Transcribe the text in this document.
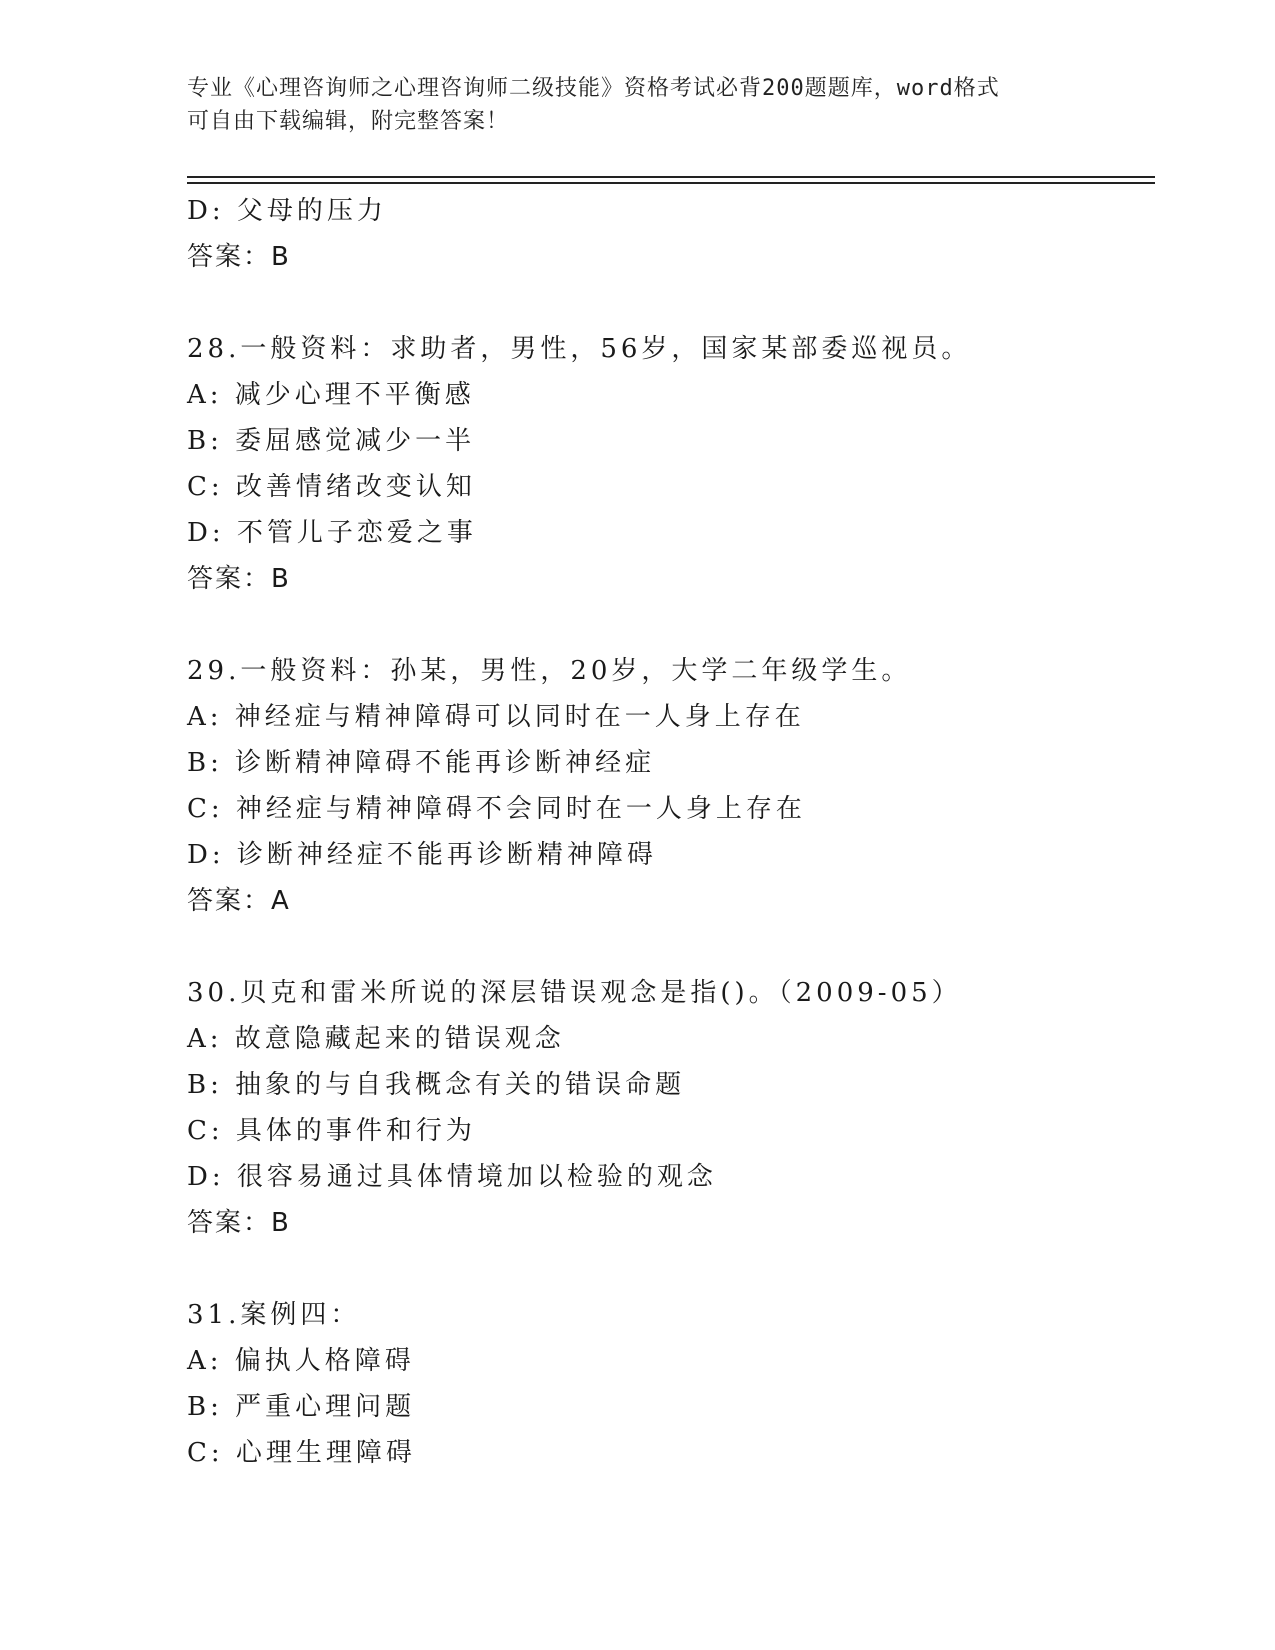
专业《心理咨询师之心理咨询师二级技能》资格考试必背200题题库，word格式
可自由下载编辑，附完整答案！
D: 父母的压力
答案：B
28.一般资料：求助者，男性，56岁，国家某部委巡视员。
A: 减少心理不平衡感
B: 委屈感觉减少一半
C: 改善情绪改变认知
D: 不管儿子恋爱之事
答案：B
29.一般资料：孙某，男性，20岁，大学二年级学生。
A: 神经症与精神障碍可以同时在一人身上存在
B: 诊断精神障碍不能再诊断神经症
C: 神经症与精神障碍不会同时在一人身上存在
D: 诊断神经症不能再诊断精神障碍
答案：A
30.贝克和雷米所说的深层错误观念是指()。（2009-05）
A: 故意隐藏起来的错误观念
B: 抽象的与自我概念有关的错误命题
C: 具体的事件和行为
D: 很容易通过具体情境加以检验的观念
答案：B
31.案例四：
A: 偏执人格障碍
B: 严重心理问题
C: 心理生理障碍
